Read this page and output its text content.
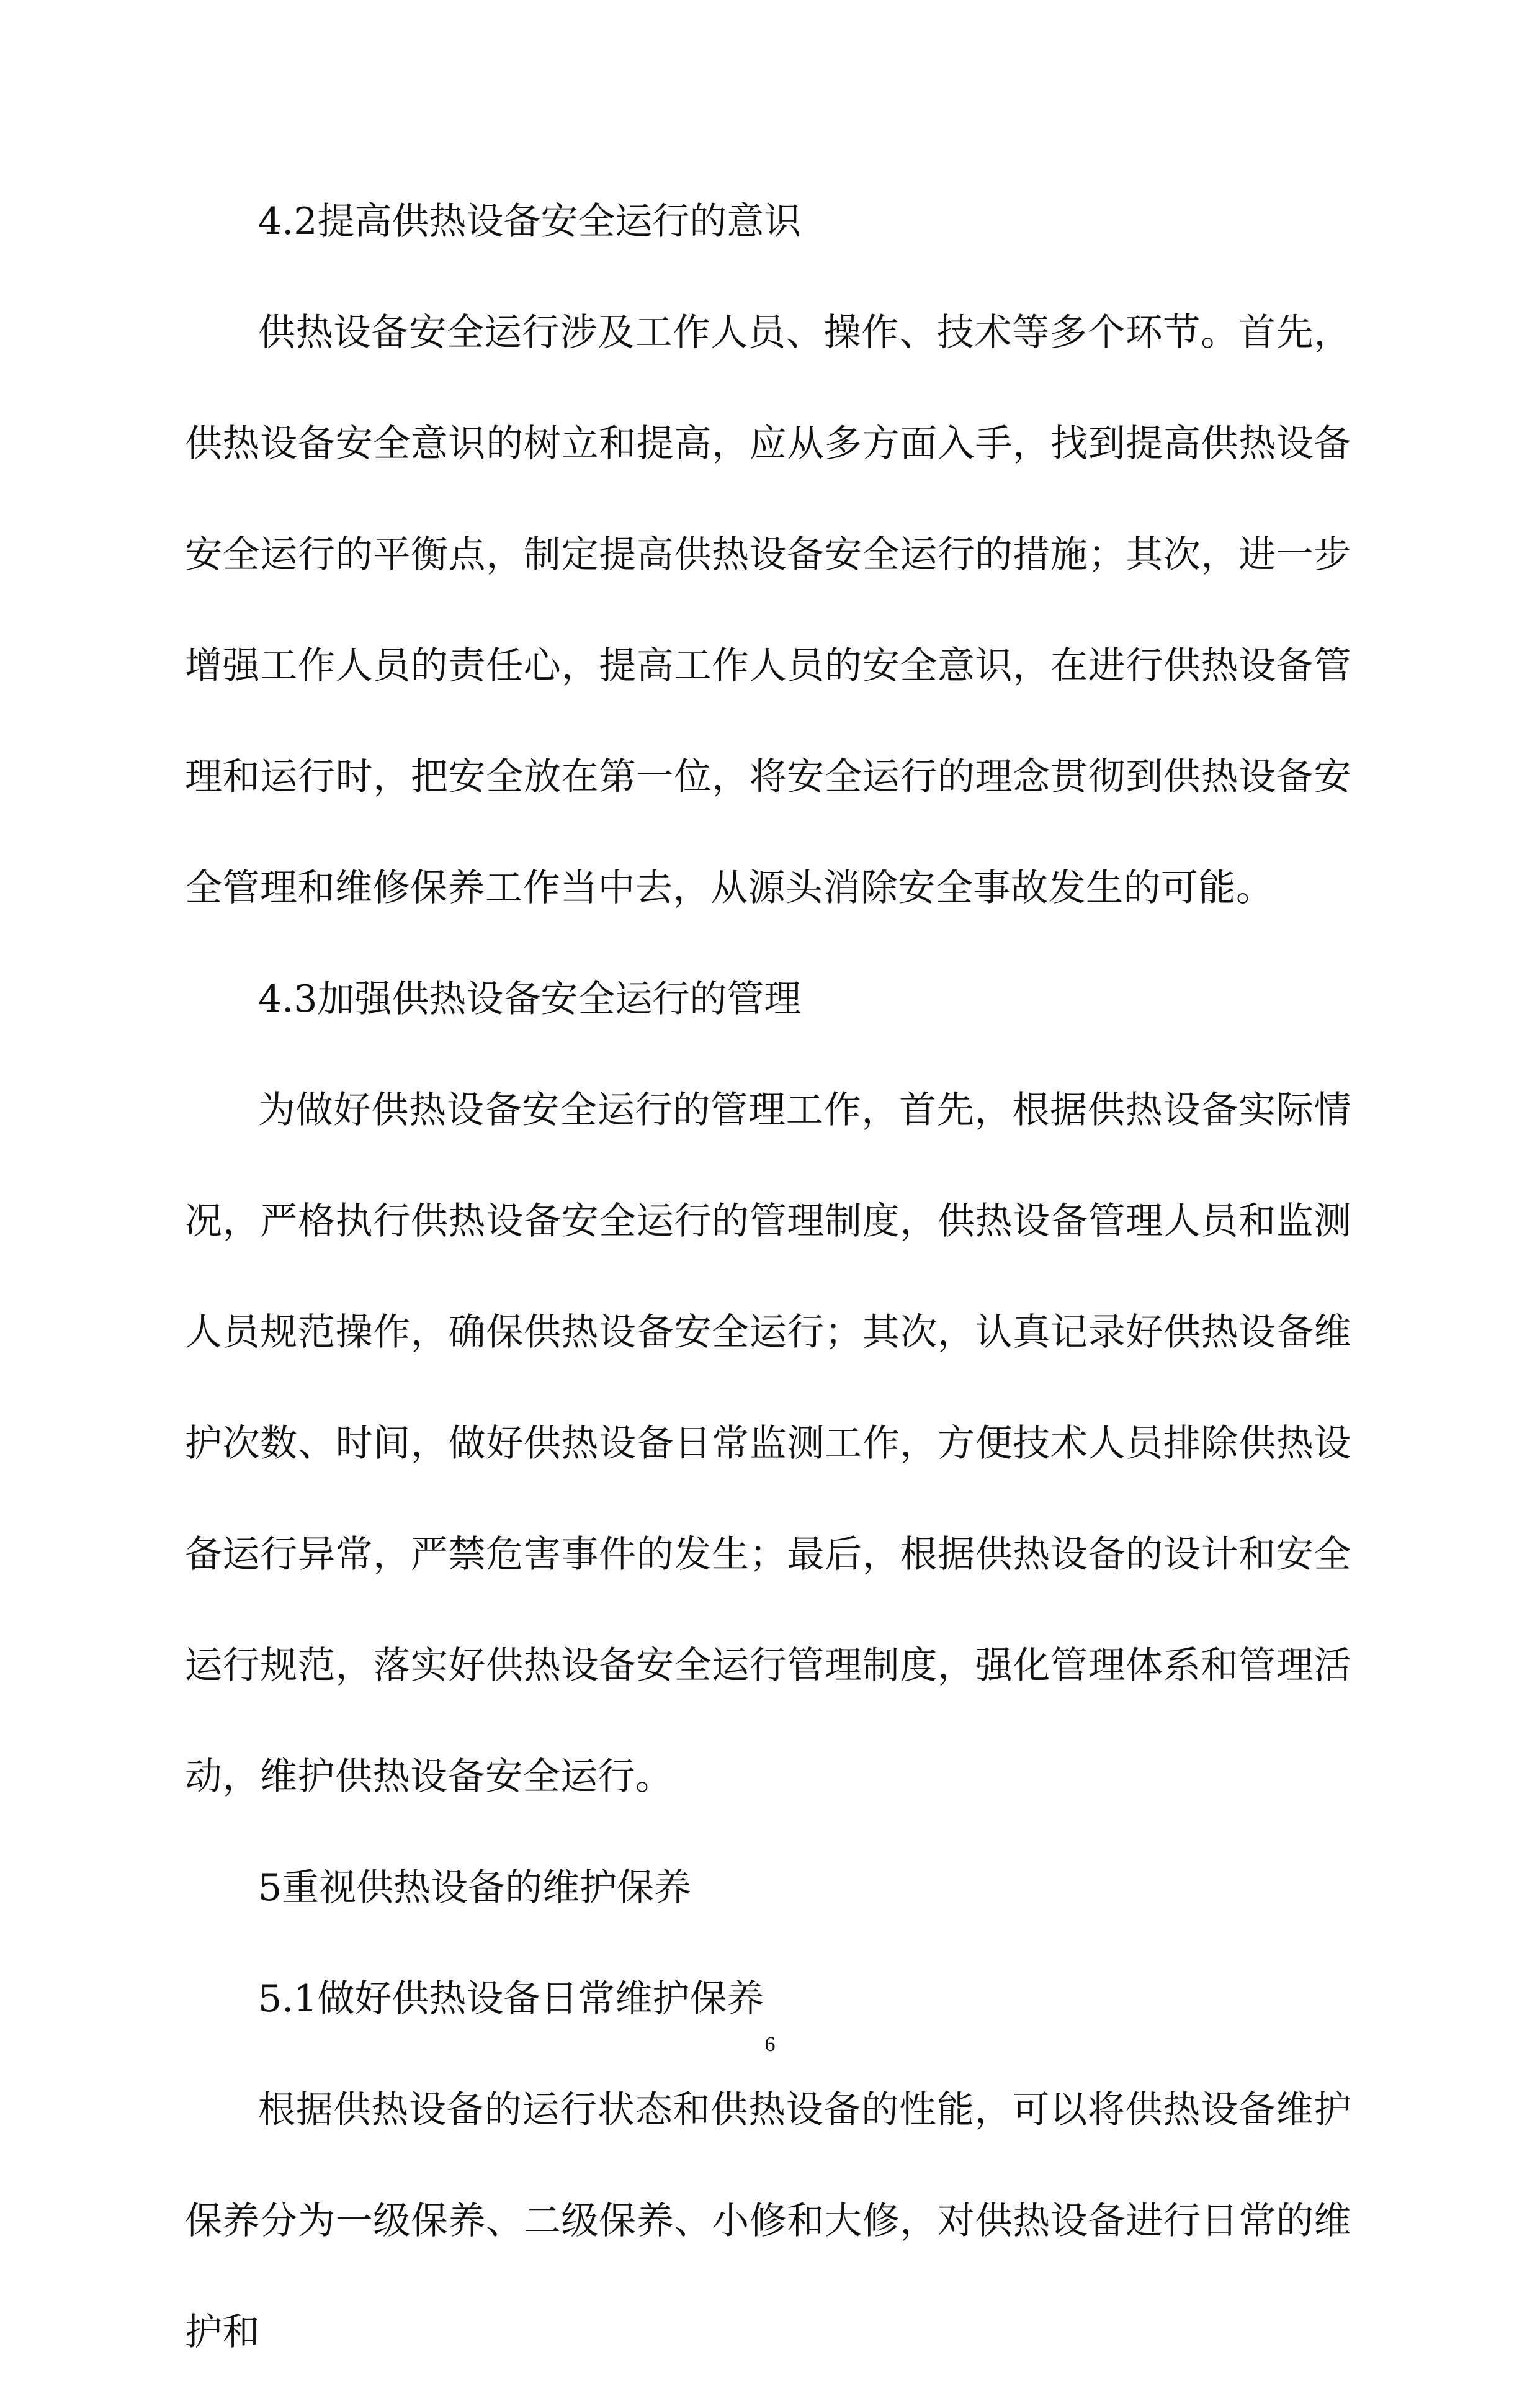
4.2提高供热设备安全运行的意识

供热设备安全运行涉及工作人员、操作、技术等多个环节。首先，供热设备安全意识的树立和提高，应从多方面入手，找到提高供热设备安全运行的平衡点，制定提高供热设备安全运行的措施；其次，进一步增强工作人员的责任心，提高工作人员的安全意识，在进行供热设备管理和运行时，把安全放在第一位，将安全运行的理念贯彻到供热设备安全管理和维修保养工作当中去，从源头消除安全事故发生的可能。

4.3加强供热设备安全运行的管理

为做好供热设备安全运行的管理工作，首先，根据供热设备实际情况，严格执行供热设备安全运行的管理制度，供热设备管理人员和监测人员规范操作，确保供热设备安全运行；其次，认真记录好供热设备维护次数、时间，做好供热设备日常监测工作，方便技术人员排除供热设备运行异常，严禁危害事件的发生；最后，根据供热设备的设计和安全运行规范，落实好供热设备安全运行管理制度，强化管理体系和管理活动，维护供热设备安全运行。

5重视供热设备的维护保养
5.1做好供热设备日常维护保养

根据供热设备的运行状态和供热设备的性能，可以将供热设备维护保养分为一级保养、二级保养、小修和大修，对供热设备进行日常的维护和

6
